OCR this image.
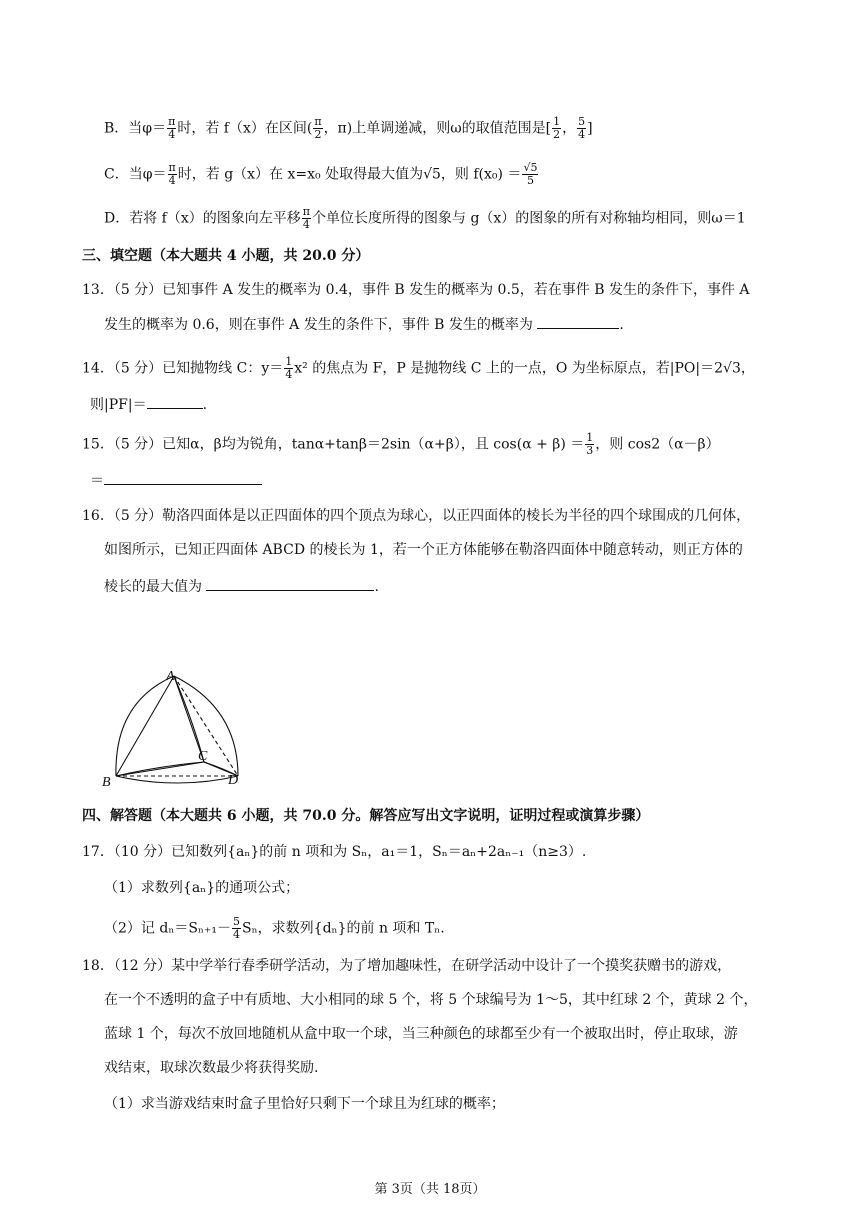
B．当$\varphi= \frac{\pi}{4}$ 时，若 f（x）在区间( $\frac{\pi}{2}$ ，π)上单调递减，则ω的取值范围是[ $\frac{1}{2}$ ， $\frac{5}{4}$ ]
C．当$\varphi= \frac{\pi}{4}$ 时，若 g（x）在 x=x₀ 处取得最大值为√5，则 $f(x_0) = \frac{√5}{5}$
D．若将 f（x）的图象向左平移 $\frac{\pi}{4}$ 个单位长度所得的图象与 g（x）的图象的所有对称轴均相同，则ω＝1
三、填空题（本大题共 4 小题，共 20.0 分）
13．（5 分）已知事件 A 发生的概率为 0.4，事件 B 发生的概率为 0.5，若在事件 B 发生的条件下，事件 A
发生的概率为 0.6，则在事件 A 发生的条件下，事件 B 发生的概率为	.
14．（5 分）已知抛物线 C：$y= \frac{1}{4} x^2$ 的焦点为 F，P 是抛物线 C 上的一点，O 为坐标原点，若|PO|＝2√3，
则|PF|＝	.
15．（5 分）已知α，β均为锐角，tanα+tanβ＝2sin（α+β），且 $\cos(\alpha + \beta) = \frac{1}{3}$ ，则 cos2（α－β）
＝
16．（5 分）勒洛四面体是以正四面体的四个顶点为球心，以正四面体的棱长为半径的四个球围成的几何体，
如图所示，已知正四面体 ABCD 的棱长为 1，若一个正方体能够在勒洛四面体中随意转动，则正方体的
棱长的最大值为	.
A
B
C
D
四、解答题（本大题共 6 小题，共 70.0 分。解答应写出文字说明，证明过程或演算步骤）
17．（10 分）已知数列{aₙ}的前 n 项和为 Sₙ，a₁＝1，Sₙ＝aₙ+2aₙ₋₁（n≥3）.
（1）求数列{aₙ}的通项公式；
（2）记 $d_n=S_{n+1}- \frac{5}{4}$ Sₙ，求数列{dₙ}的前 n 项和 Tₙ.
18．（12 分）某中学举行春季研学活动，为了增加趣味性，在研学活动中设计了一个摸奖获赠书的游戏，
在一个不透明的盒子中有质地、大小相同的球 5 个，将 5 个球编号为 1～5，其中红球 2 个，黄球 2 个，
蓝球 1 个，每次不放回地随机从盒中取一个球，当三种颜色的球都至少有一个被取出时，停止取球，游
戏结束，取球次数最少将获得奖励.
（1）求当游戏结束时盒子里恰好只剩下一个球且为红球的概率；
第 3页（共 18页）
